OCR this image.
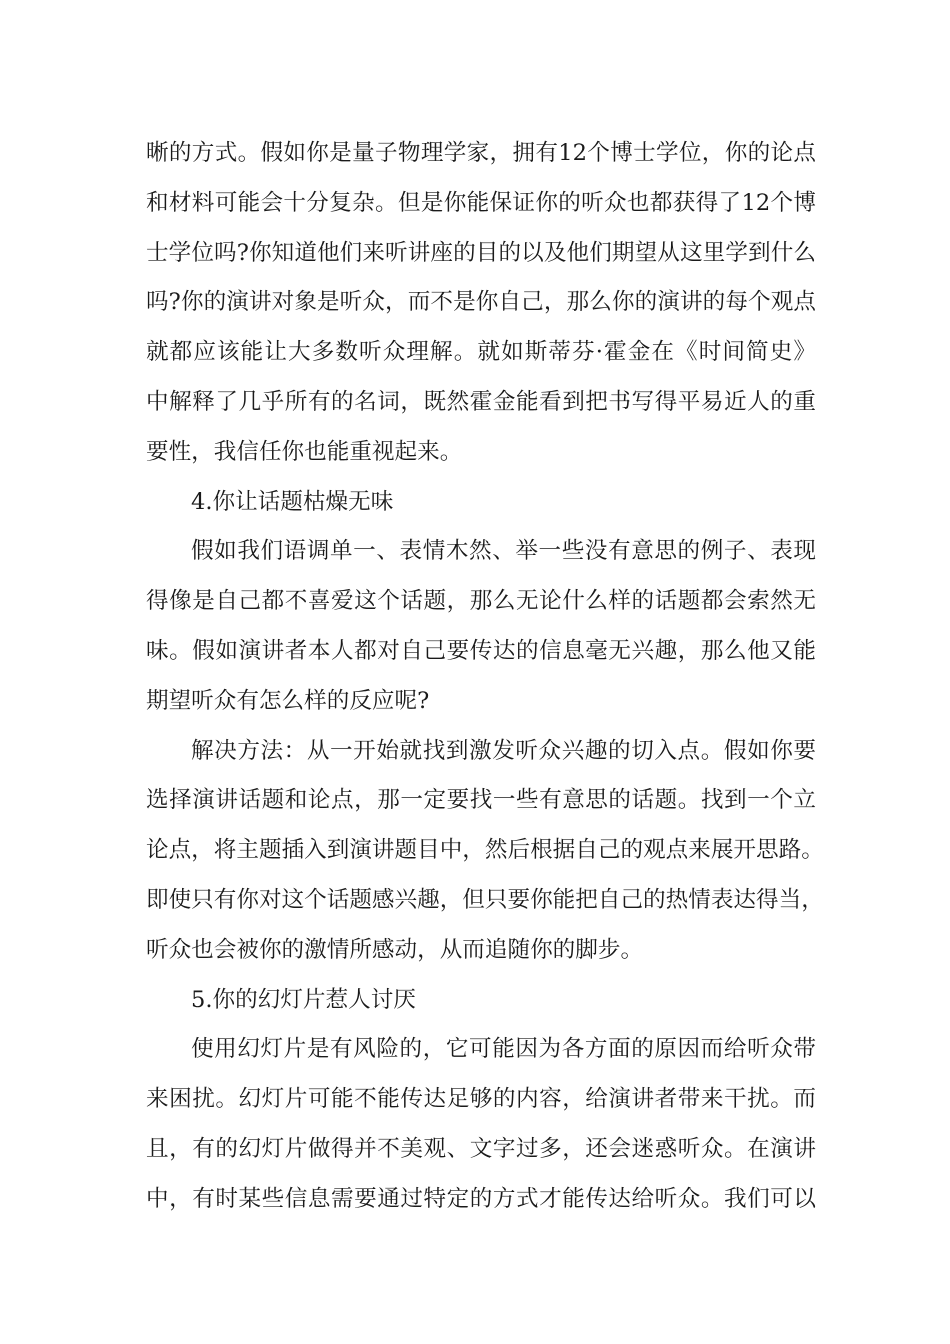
晰的方式。假如你是量子物理学家，拥有12个博士学位，你的论点
和材料可能会十分复杂。但是你能保证你的听众也都获得了12个博
士学位吗?你知道他们来听讲座的目的以及他们期望从这里学到什么
吗?你的演讲对象是听众，而不是你自己，那么你的演讲的每个观点
就都应该能让大多数听众理解。就如斯蒂芬·霍金在《时间简史》
中解释了几乎所有的名词，既然霍金能看到把书写得平易近人的重
要性，我信任你也能重视起来。
4.你让话题枯燥无味
假如我们语调单一、表情木然、举一些没有意思的例子、表现
得像是自己都不喜爱这个话题，那么无论什么样的话题都会索然无
味。假如演讲者本人都对自己要传达的信息毫无兴趣，那么他又能
期望听众有怎么样的反应呢?
解决方法：从一开始就找到激发听众兴趣的切入点。假如你要
选择演讲话题和论点，那一定要找一些有意思的话题。找到一个立
论点，将主题插入到演讲题目中，然后根据自己的观点来展开思路。
即使只有你对这个话题感兴趣，但只要你能把自己的热情表达得当，
听众也会被你的激情所感动，从而追随你的脚步。
5.你的幻灯片惹人讨厌
使用幻灯片是有风险的，它可能因为各方面的原因而给听众带
来困扰。幻灯片可能不能传达足够的内容，给演讲者带来干扰。而
且，有的幻灯片做得并不美观、文字过多，还会迷惑听众。在演讲
中，有时某些信息需要通过特定的方式才能传达给听众。我们可以
